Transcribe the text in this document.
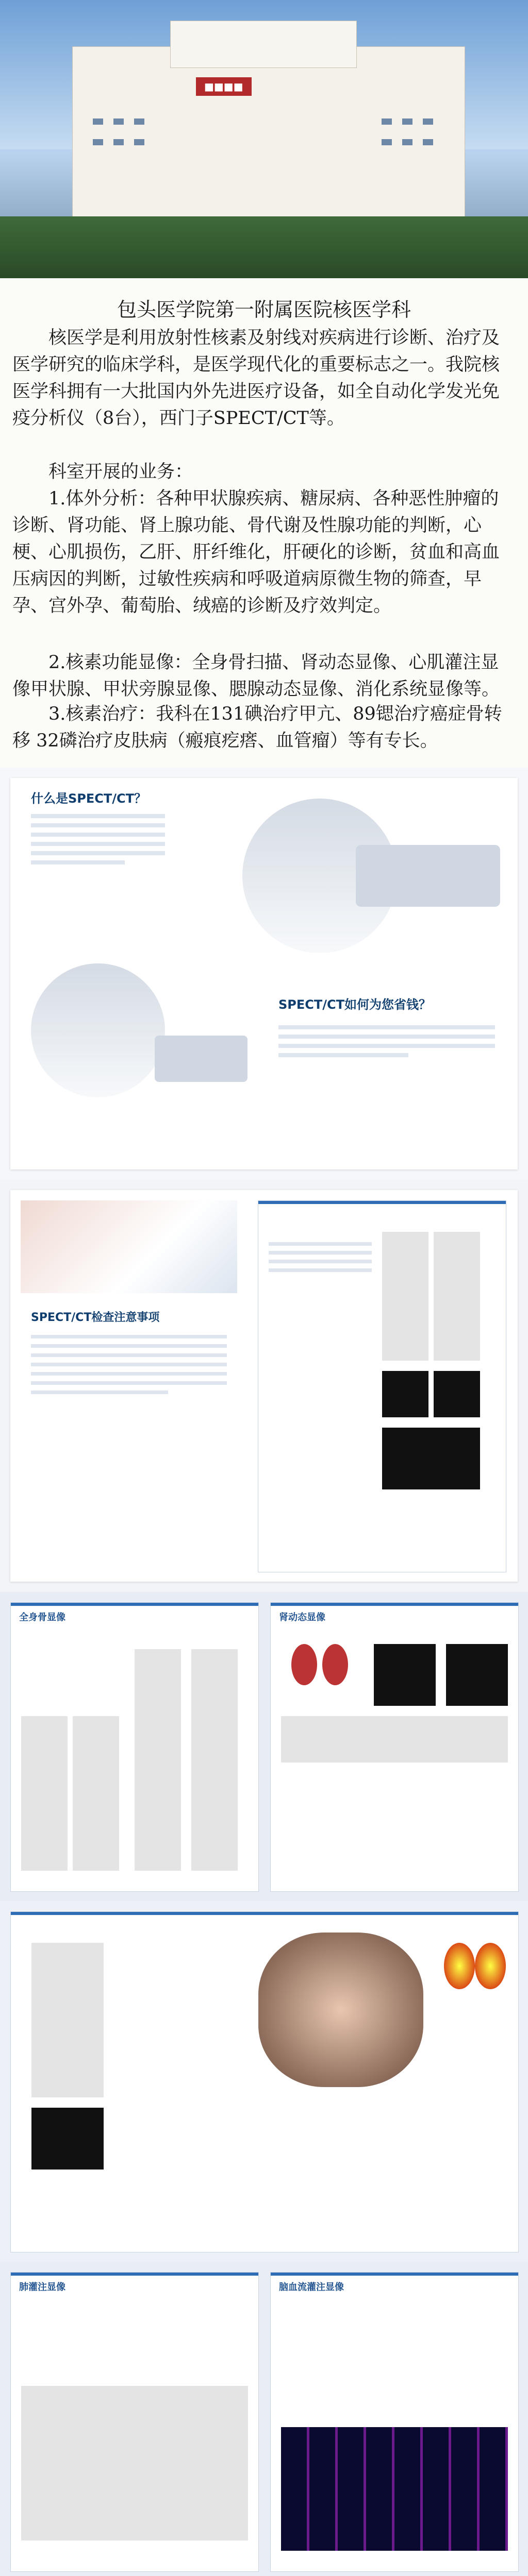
■■■■
包头医学院第一附属医院核医学科
核医学是利用放射性核素及射线对疾病进行诊断、治疗及医学研究的临床学科，是医学现代化的重要标志之一。我院核医学科拥有一大批国内外先进医疗设备，如全自动化学发光免疫分析仪（8台），西门子SPECT/CT等。
科室开展的业务：
1.体外分析：各种甲状腺疾病、糖尿病、各种恶性肿瘤的诊断、肾功能、肾上腺功能、骨代谢及性腺功能的判断，心梗、心肌损伤，乙肝、肝纤维化，肝硬化的诊断，贫血和高血压病因的判断，过敏性疾病和呼吸道病原微生物的筛查，早孕、宫外孕、葡萄胎、绒癌的诊断及疗效判定。
2.核素功能显像：全身骨扫描、肾动态显像、心肌灌注显像甲状腺、甲状旁腺显像、腮腺动态显像、消化系统显像等。
3.核素治疗：我科在131碘治疗甲亢、89锶治疗癌症骨转移 32磷治疗皮肤病（瘢痕疙瘩、血管瘤）等有专长。
什么是SPECT/CT？
SPECT/CT如何为您省钱？
SPECT/CT检查注意事项
全身骨显像	肾动态显像
肺灌注显像	脑血流灌注显像
